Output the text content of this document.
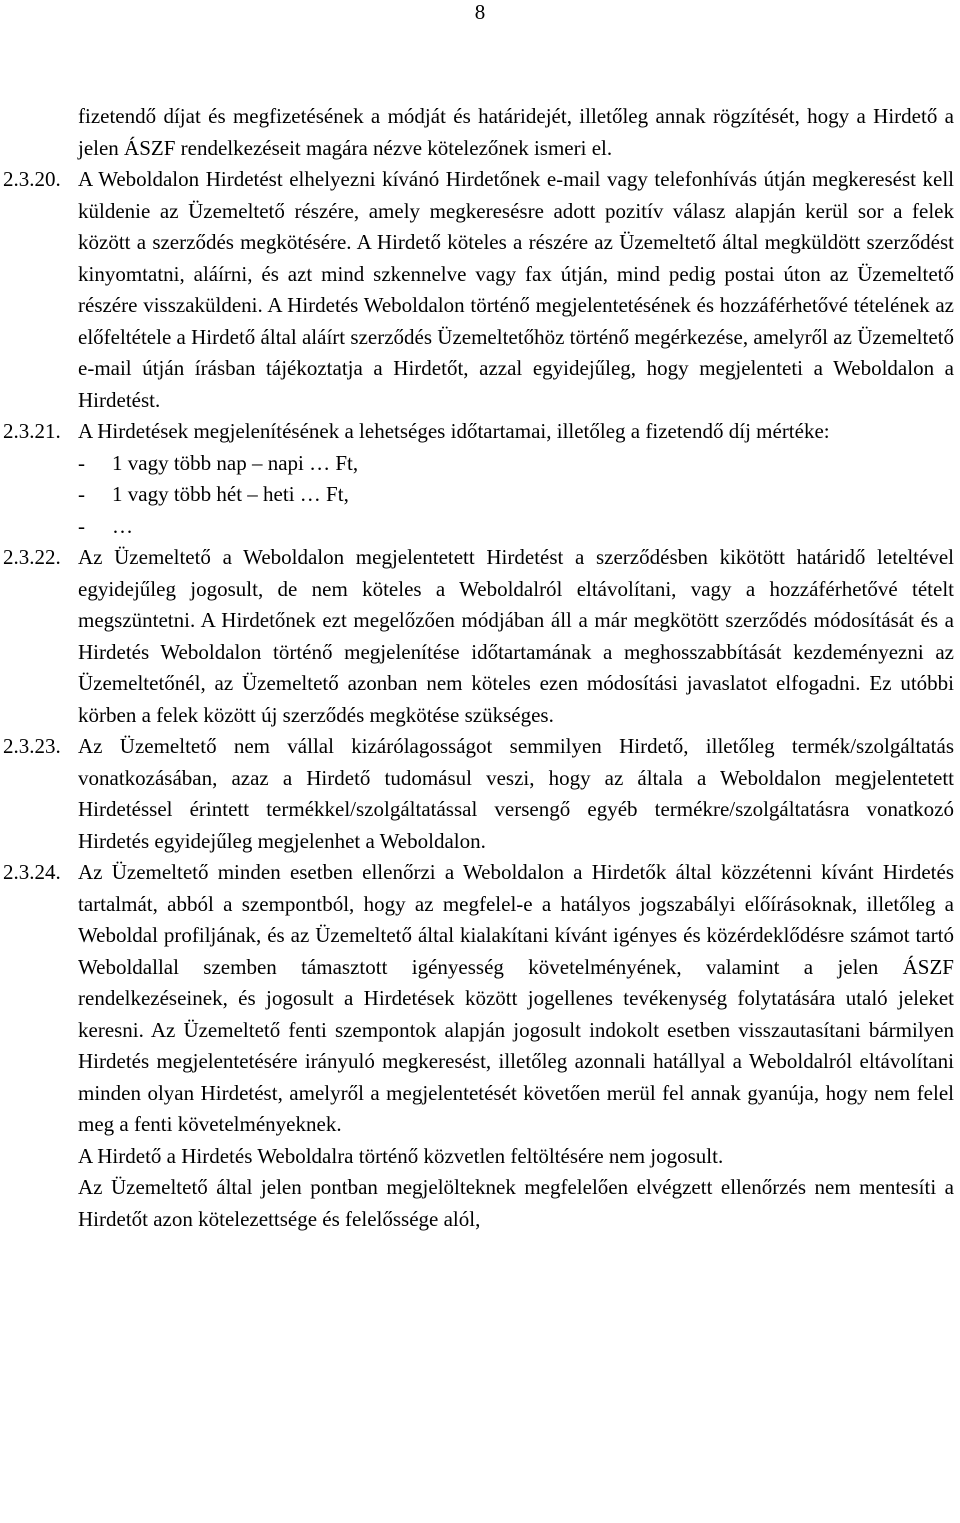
8
fizetendő díjat és megfizetésének a módját és határidejét, illetőleg annak rögzítését, hogy a Hirdető a jelen ÁSZF rendelkezéseit magára nézve kötelezőnek ismeri el.
2.3.20. A Weboldalon Hirdetést elhelyezni kívánó Hirdetőnek e-mail vagy telefonhívás útján megkeresést kell küldenie az Üzemeltető részére, amely megkeresésre adott pozitív válasz alapján kerül sor a felek között a szerződés megkötésére. A Hirdető köteles a részére az Üzemeltető által megküldött szerződést kinyomtatni, aláírni, és azt mind szkennelve vagy fax útján, mind pedig postai úton az Üzemeltető részére visszaküldeni. A Hirdetés Weboldalon történő megjelentetésének és hozzáférhetővé tételének az előfeltétele a Hirdető által aláírt szerződés Üzemeltetőhöz történő megérkezése, amelyről az Üzemeltető e-mail útján írásban tájékoztatja a Hirdetőt, azzal egyidejűleg, hogy megjelenteti a Weboldalon a Hirdetést.
2.3.21. A Hirdetések megjelenítésének a lehetséges időtartamai, illetőleg a fizetendő díj mértéke:
- 1 vagy több nap – napi … Ft,
- 1 vagy több hét – heti … Ft,
- …
2.3.22. Az Üzemeltető a Weboldalon megjelentetett Hirdetést a szerződésben kikötött határidő leteltével egyidejűleg jogosult, de nem köteles a Weboldalról eltávolítani, vagy a hozzáférhetővé tételt megszüntetni. A Hirdetőnek ezt megelőzően módjában áll a már megkötött szerződés módosítását és a Hirdetés Weboldalon történő megjelenítése időtartamának a meghosszabbítását kezdeményezni az Üzemeltetőnél, az Üzemeltető azonban nem köteles ezen módosítási javaslatot elfogadni. Ez utóbbi körben a felek között új szerződés megkötése szükséges.
2.3.23. Az Üzemeltető nem vállal kizárólagosságot semmilyen Hirdető, illetőleg termék/szolgáltatás vonatkozásában, azaz a Hirdető tudomásul veszi, hogy az általa a Weboldalon megjelentetett Hirdetéssel érintett termékkel/szolgáltatással versengő egyéb termékre/szolgáltatásra vonatkozó Hirdetés egyidejűleg megjelenhet a Weboldalon.
2.3.24. Az Üzemeltető minden esetben ellenőrzi a Weboldalon a Hirdetők által közzétenni kívánt Hirdetés tartalmát, abból a szempontból, hogy az megfelel-e a hatályos jogszabályi előírásoknak, illetőleg a Weboldal profiljának, és az Üzemeltető által kialakítani kívánt igényes és közérdeklődésre számot tartó Weboldallal szemben támasztott igényesség követelményének, valamint a jelen ÁSZF rendelkezéseinek, és jogosult a Hirdetések között jogellenes tevékenység folytatására utaló jeleket keresni. Az Üzemeltető fenti szempontok alapján jogosult indokolt esetben visszautasítani bármilyen Hirdetés megjelentetésére irányuló megkeresést, illetőleg azonnali hatállyal a Weboldalról eltávolítani minden olyan Hirdetést, amelyről a megjelentetését követően merül fel annak gyanúja, hogy nem felel meg a fenti követelményeknek.
A Hirdető a Hirdetés Weboldalra történő közvetlen feltöltésére nem jogosult.
Az Üzemeltető által jelen pontban megjelölteknek megfelelően elvégzett ellenőrzés nem mentesíti a Hirdetőt azon kötelezettsége és felelőssége alól,
